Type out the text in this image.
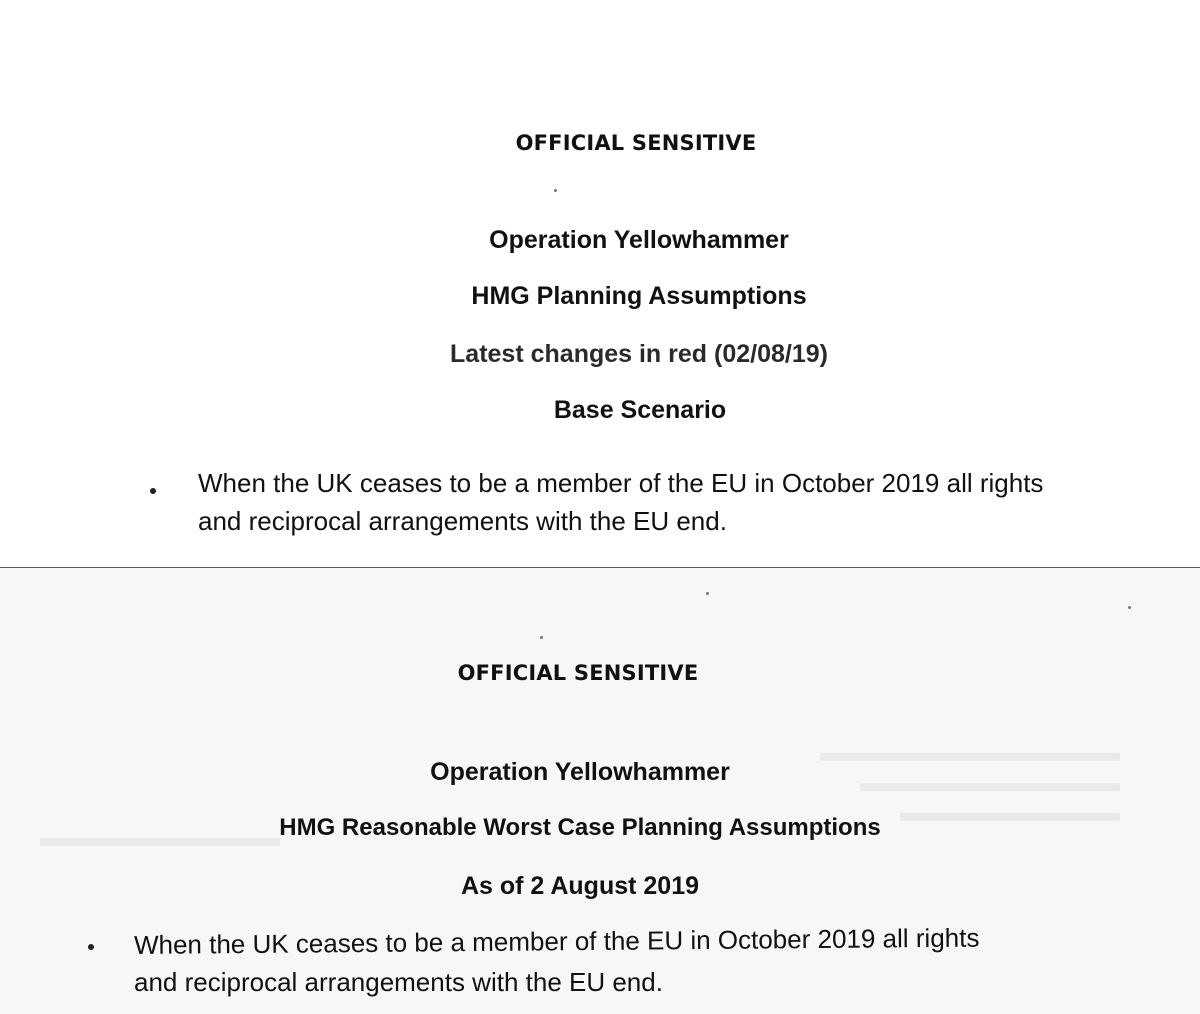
OFFICIAL SENSITIVE
Operation Yellowhammer
HMG Planning Assumptions
Latest changes in red (02/08/19)
Base Scenario
When the UK ceases to be a member of the EU in October 2019 all rights
and reciprocal arrangements with the EU end.
OFFICIAL SENSITIVE
Operation Yellowhammer
HMG Reasonable Worst Case Planning Assumptions
As of 2 August 2019
When the UK ceases to be a member of the EU in October 2019 all rights
and reciprocal arrangements with the EU end.
